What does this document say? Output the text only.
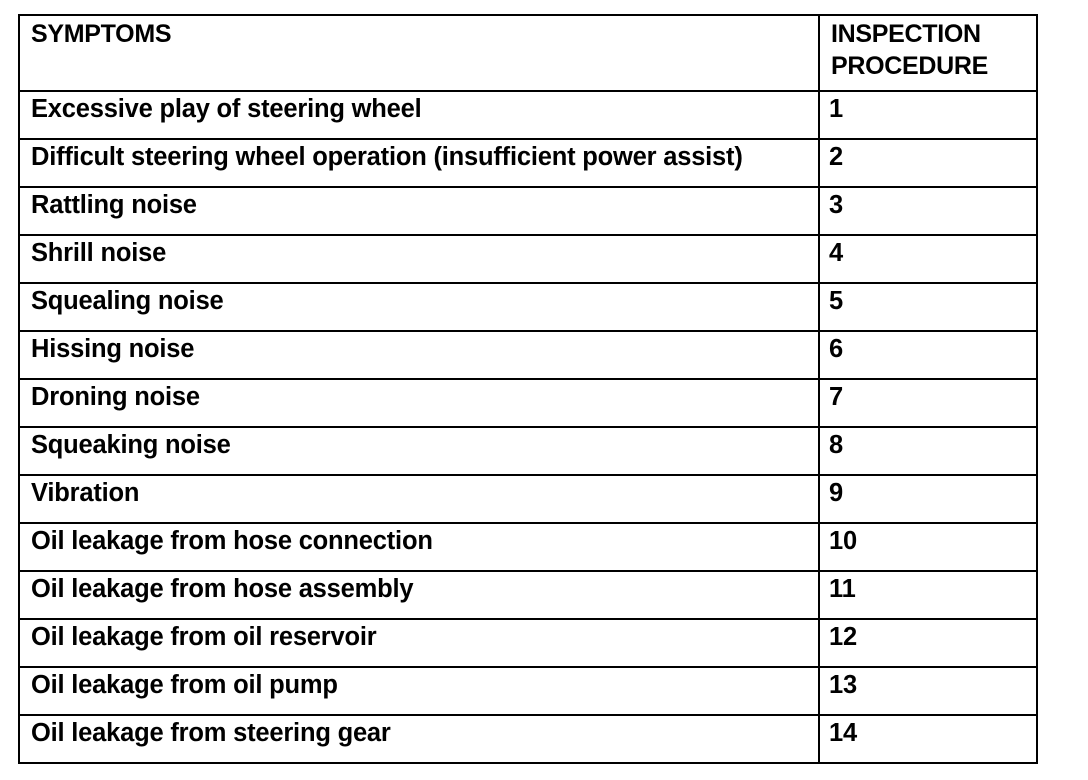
SYMPTOMS	INSPECTION PROCEDURE
Excessive play of steering wheel	1
Difficult steering wheel operation (insufficient power assist)	2
Rattling noise	3
Shrill noise	4
Squealing noise	5
Hissing noise	6
Droning noise	7
Squeaking noise	8
Vibration	9
Oil leakage from hose connection	10
Oil leakage from hose assembly	11
Oil leakage from oil reservoir	12
Oil leakage from oil pump	13
Oil leakage from steering gear	14
